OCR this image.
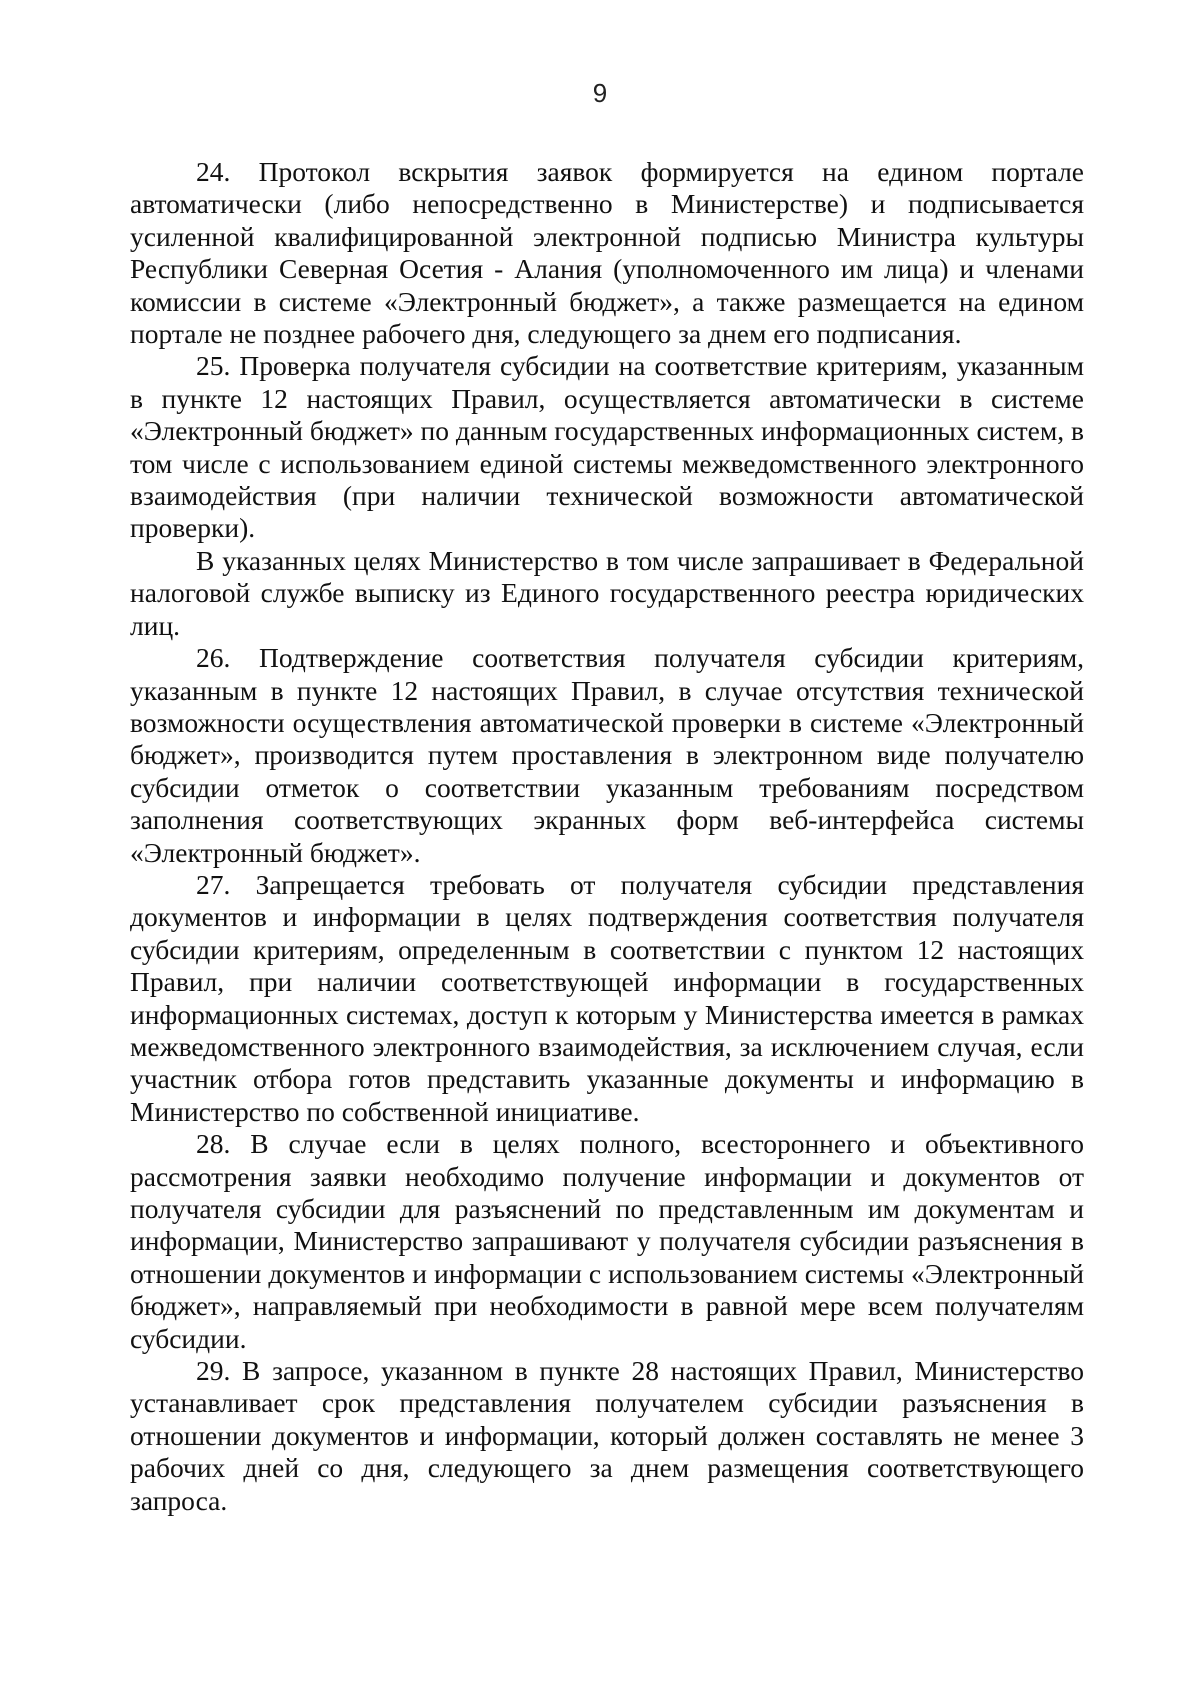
9

24. Протокол вскрытия заявок формируется на едином портале автоматически (либо непосредственно в Министерстве) и подписывается усиленной квалифицированной электронной подписью Министра культуры Республики Северная Осетия - Алания (уполномоченного им лица) и членами комиссии в системе «Электронный бюджет», а также размещается на едином портале не позднее рабочего дня, следующего за днем его подписания.

25. Проверка получателя субсидии на соответствие критериям, указанным в пункте 12 настоящих Правил, осуществляется автоматически в системе «Электронный бюджет» по данным государственных информационных систем, в том числе с использованием единой системы межведомственного электронного взаимодействия (при наличии технической возможности автоматической проверки).

В указанных целях Министерство в том числе запрашивает в Федеральной налоговой службе выписку из Единого государственного реестра юридических лиц.

26. Подтверждение соответствия получателя субсидии критериям, указанным в пункте 12 настоящих Правил, в случае отсутствия технической возможности осуществления автоматической проверки в системе «Электронный бюджет», производится путем проставления в электронном виде получателю субсидии отметок о соответствии указанным требованиям посредством заполнения соответствующих экранных форм веб-интерфейса системы «Электронный бюджет».

27. Запрещается требовать от получателя субсидии представления документов и информации в целях подтверждения соответствия получателя субсидии критериям, определенным в соответствии с пунктом 12 настоящих Правил, при наличии соответствующей информации в государственных информационных системах, доступ к которым у Министерства имеется в рамках межведомственного электронного взаимодействия, за исключением случая, если участник отбора готов представить указанные документы и информацию в Министерство по собственной инициативе.

28. В случае если в целях полного, всестороннего и объективного рассмотрения заявки необходимо получение информации и документов от получателя субсидии для разъяснений по представленным им документам и информации, Министерство запрашивают у получателя субсидии разъяснения в отношении документов и информации с использованием системы «Электронный бюджет», направляемый при необходимости в равной мере всем получателям субсидии.

29. В запросе, указанном в пункте 28 настоящих Правил, Министерство устанавливает срок представления получателем субсидии разъяснения в отношении документов и информации, который должен составлять не менее 3 рабочих дней со дня, следующего за днем размещения соответствующего запроса.
